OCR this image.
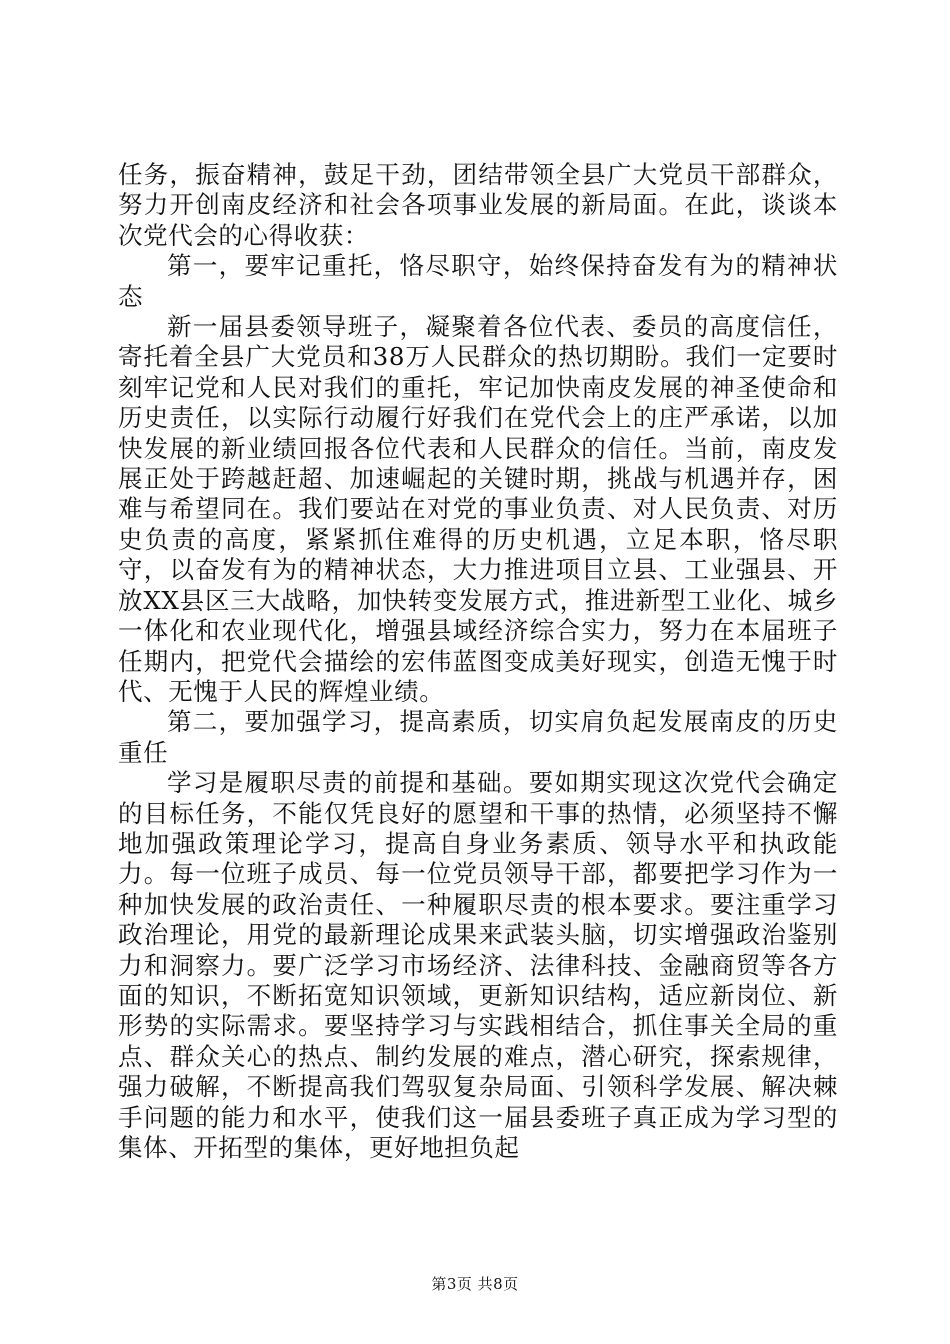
任务，振奋精神，鼓足干劲，团结带领全县广大党员干部群众，努力开创南皮经济和社会各项事业发展的新局面。在此，谈谈本次党代会的心得收获：

第一，要牢记重托，恪尽职守，始终保持奋发有为的精神状态

新一届县委领导班子，凝聚着各位代表、委员的高度信任，寄托着全县广大党员和38万人民群众的热切期盼。我们一定要时刻牢记党和人民对我们的重托，牢记加快南皮发展的神圣使命和历史责任，以实际行动履行好我们在党代会上的庄严承诺，以加快发展的新业绩回报各位代表和人民群众的信任。当前，南皮发展正处于跨越赶超、加速崛起的关键时期，挑战与机遇并存，困难与希望同在。我们要站在对党的事业负责、对人民负责、对历史负责的高度，紧紧抓住难得的历史机遇，立足本职，恪尽职守，以奋发有为的精神状态，大力推进项目立县、工业强县、开放XX县区三大战略，加快转变发展方式，推进新型工业化、城乡一体化和农业现代化，增强县域经济综合实力，努力在本届班子任期内，把党代会描绘的宏伟蓝图变成美好现实，创造无愧于时代、无愧于人民的辉煌业绩。

第二，要加强学习，提高素质，切实肩负起发展南皮的历史重任

学习是履职尽责的前提和基础。要如期实现这次党代会确定的目标任务，不能仅凭良好的愿望和干事的热情，必须坚持不懈地加强政策理论学习，提高自身业务素质、领导水平和执政能力。每一位班子成员、每一位党员领导干部，都要把学习作为一种加快发展的政治责任、一种履职尽责的根本要求。要注重学习政治理论，用党的最新理论成果来武装头脑，切实增强政治鉴别力和洞察力。要广泛学习市场经济、法律科技、金融商贸等各方面的知识，不断拓宽知识领域，更新知识结构，适应新岗位、新形势的实际需求。要坚持学习与实践相结合，抓住事关全局的重点、群众关心的热点、制约发展的难点，潜心研究，探索规律，强力破解，不断提高我们驾驭复杂局面、引领科学发展、解决棘手问题的能力和水平，使我们这一届县委班子真正成为学习型的集体、开拓型的集体，更好地担负起

第3页 共8页
